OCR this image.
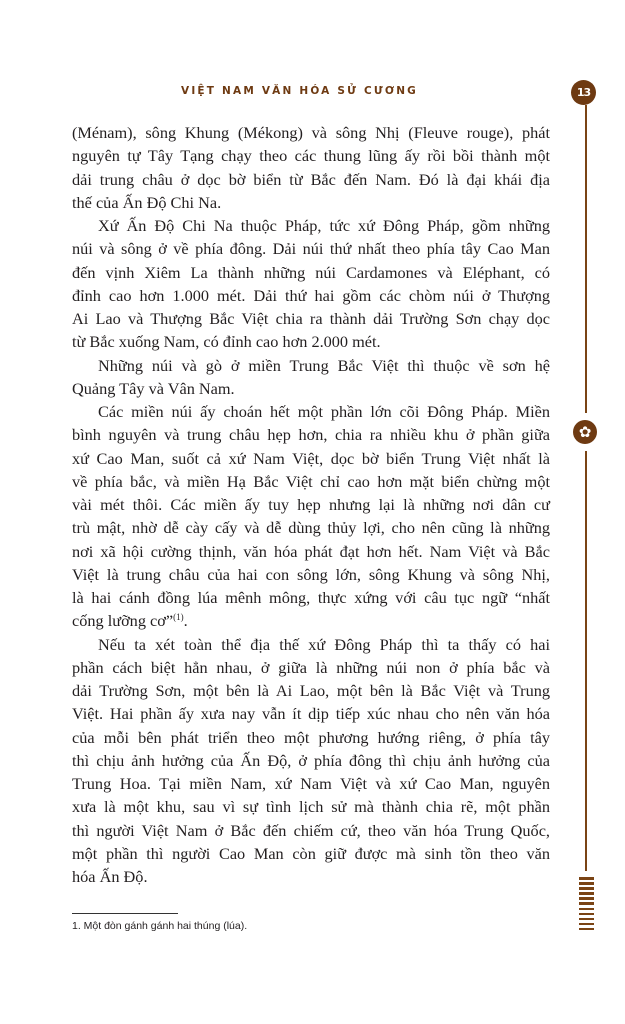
VIỆT NAM VĂN HÓA SỬ CƯƠNG	13
✿
(Ménam), sông Khung (Mékong) và sông Nhị (Fleuve rouge), phát
nguyên tự Tây Tạng chạy theo các thung lũng ấy rồi bồi thành một
dải trung châu ở dọc bờ biển từ Bắc đến Nam. Đó là đại khái địa
thế của Ấn Độ Chi Na.
Xứ Ấn Độ Chi Na thuộc Pháp, tức xứ Đông Pháp, gồm những
núi và sông ở về phía đông. Dải núi thứ nhất theo phía tây Cao Man
đến vịnh Xiêm La thành những núi Cardamones và Eléphant, có
đỉnh cao hơn 1.000 mét. Dải thứ hai gồm các chòm núi ở Thượng
Ai Lao và Thượng Bắc Việt chia ra thành dải Trường Sơn chạy dọc
từ Bắc xuống Nam, có đỉnh cao hơn 2.000 mét.
Những núi và gò ở miền Trung Bắc Việt thì thuộc về sơn hệ
Quảng Tây và Vân Nam.
Các miền núi ấy choán hết một phần lớn cõi Đông Pháp. Miền
bình nguyên và trung châu hẹp hơn, chia ra nhiều khu ở phần giữa
xứ Cao Man, suốt cả xứ Nam Việt, dọc bờ biển Trung Việt nhất là
về phía bắc, và miền Hạ Bắc Việt chỉ cao hơn mặt biển chừng một
vài mét thôi. Các miền ấy tuy hẹp nhưng lại là những nơi dân cư
trù mật, nhờ dễ cày cấy và dễ dùng thủy lợi, cho nên cũng là những
nơi xã hội cường thịnh, văn hóa phát đạt hơn hết. Nam Việt và Bắc
Việt là trung châu của hai con sông lớn, sông Khung và sông Nhị,
là hai cánh đồng lúa mênh mông, thực xứng với câu tục ngữ “nhất
cống lưỡng cơ”$^{(1)}$.
Nếu ta xét toàn thể địa thế xứ Đông Pháp thì ta thấy có hai
phần cách biệt hẳn nhau, ở giữa là những núi non ở phía bắc và
dải Trường Sơn, một bên là Ai Lao, một bên là Bắc Việt và Trung
Việt. Hai phần ấy xưa nay vẫn ít dịp tiếp xúc nhau cho nên văn hóa
của mỗi bên phát triển theo một phương hướng riêng, ở phía tây
thì chịu ảnh hưởng của Ấn Độ, ở phía đông thì chịu ảnh hưởng của
Trung Hoa. Tại miền Nam, xứ Nam Việt và xứ Cao Man, nguyên
xưa là một khu, sau vì sự tình lịch sử mà thành chia rẽ, một phần
thì người Việt Nam ở Bắc đến chiếm cứ, theo văn hóa Trung Quốc,
một phần thì người Cao Man còn giữ được mà sinh tồn theo văn
hóa Ấn Độ.
1. Một đòn gánh gánh hai thúng (lúa).
